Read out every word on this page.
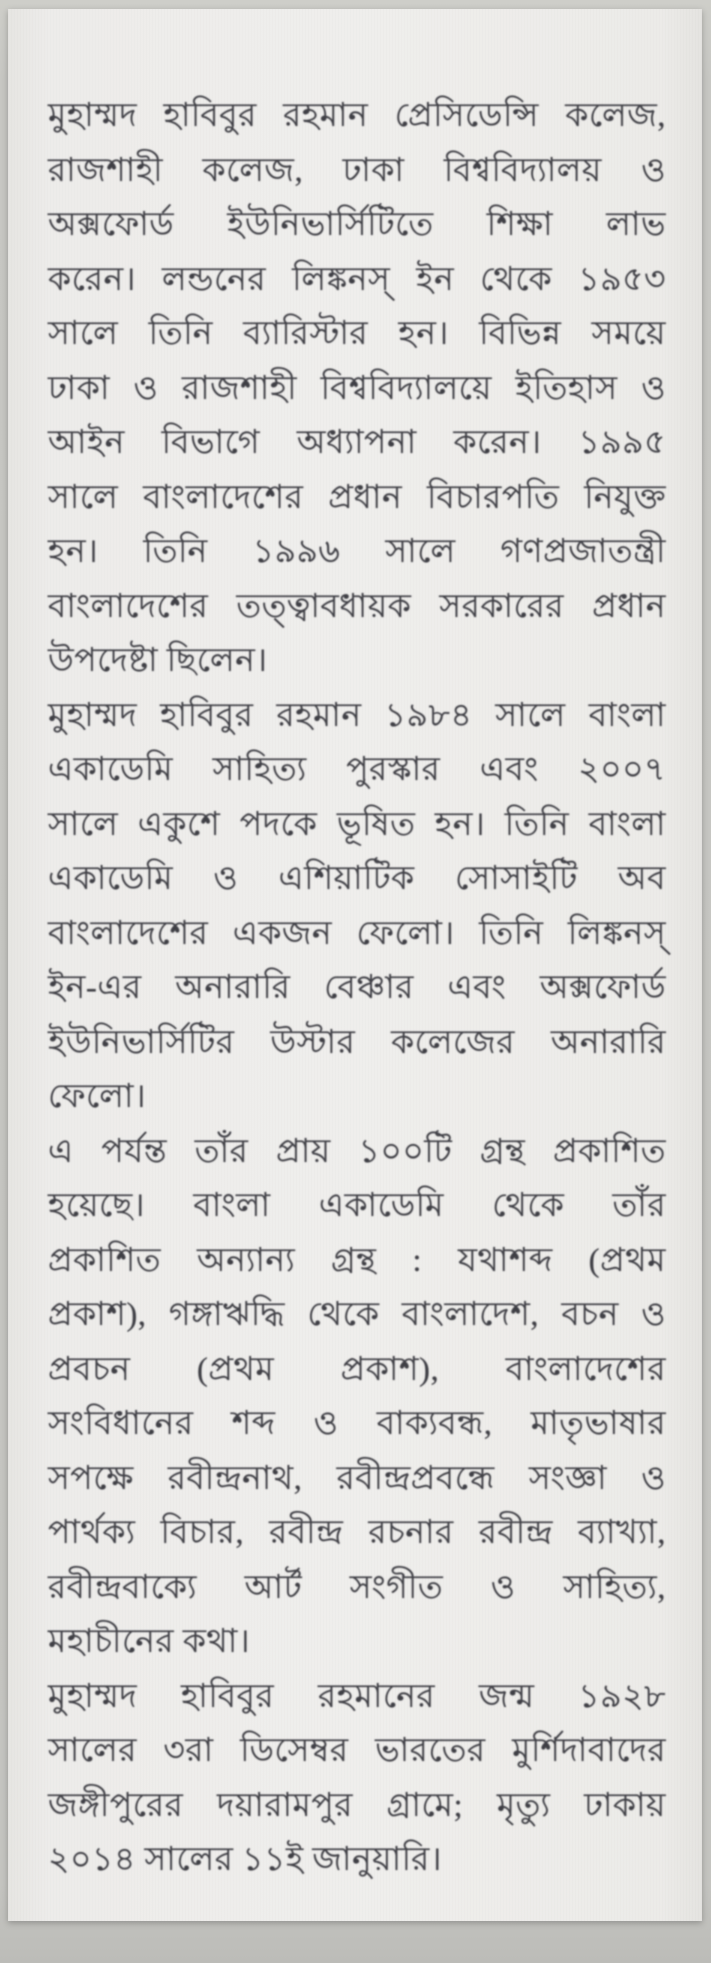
মুহাম্মদ হাবিবুর রহমান প্রেসিডেন্সি কলেজ,
রাজশাহী কলেজ, ঢাকা বিশ্ববিদ্যালয় ও
অক্সফোর্ড ইউনিভার্সিটিতে শিক্ষা লাভ
করেন। লন্ডনের লিঙ্কনস্ ইন থেকে ১৯৫৩
সালে তিনি ব্যারিস্টার হন। বিভিন্ন সময়ে
ঢাকা ও রাজশাহী বিশ্ববিদ্যালয়ে ইতিহাস ও
আইন বিভাগে অধ্যাপনা করেন। ১৯৯৫
সালে বাংলাদেশের প্রধান বিচারপতি নিযুক্ত
হন। তিনি ১৯৯৬ সালে গণপ্রজাতন্ত্রী
বাংলাদেশের তত্ত্বাবধায়ক সরকারের প্রধান
উপদেষ্টা ছিলেন।
মুহাম্মদ হাবিবুর রহমান ১৯৮৪ সালে বাংলা
একাডেমি সাহিত্য পুরস্কার এবং ২০০৭
সালে একুশে পদকে ভূষিত হন। তিনি বাংলা
একাডেমি ও এশিয়াটিক সোসাইটি অব
বাংলাদেশের একজন ফেলো। তিনি লিঙ্কনস্
ইন-এর অনারারি বেঞ্চার এবং অক্সফোর্ড
ইউনিভার্সিটির উস্টার কলেজের অনারারি
ফেলো।
এ পর্যন্ত তাঁর প্রায় ১০০টি গ্রন্থ প্রকাশিত
হয়েছে। বাংলা একাডেমি থেকে তাঁর
প্রকাশিত অন্যান্য গ্রন্থ : যথাশব্দ (প্রথম
প্রকাশ), গঙ্গাঋদ্ধি থেকে বাংলাদেশ, বচন ও
প্রবচন (প্রথম প্রকাশ), বাংলাদেশের
সংবিধানের শব্দ ও বাক্যবন্ধ, মাতৃভাষার
সপক্ষে রবীন্দ্রনাথ, রবীন্দ্রপ্রবন্ধে সংজ্ঞা ও
পার্থক্য বিচার, রবীন্দ্র রচনার রবীন্দ্র ব্যাখ্যা,
রবীন্দ্রবাক্যে আর্ট সংগীত ও সাহিত্য,
মহাচীনের কথা।
মুহাম্মদ হাবিবুর রহমানের জন্ম ১৯২৮
সালের ৩রা ডিসেম্বর ভারতের মুর্শিদাবাদের
জঙ্গীপুরের দয়ারামপুর গ্রামে; মৃত্যু ঢাকায়
২০১৪ সালের ১১ই জানুয়ারি।
